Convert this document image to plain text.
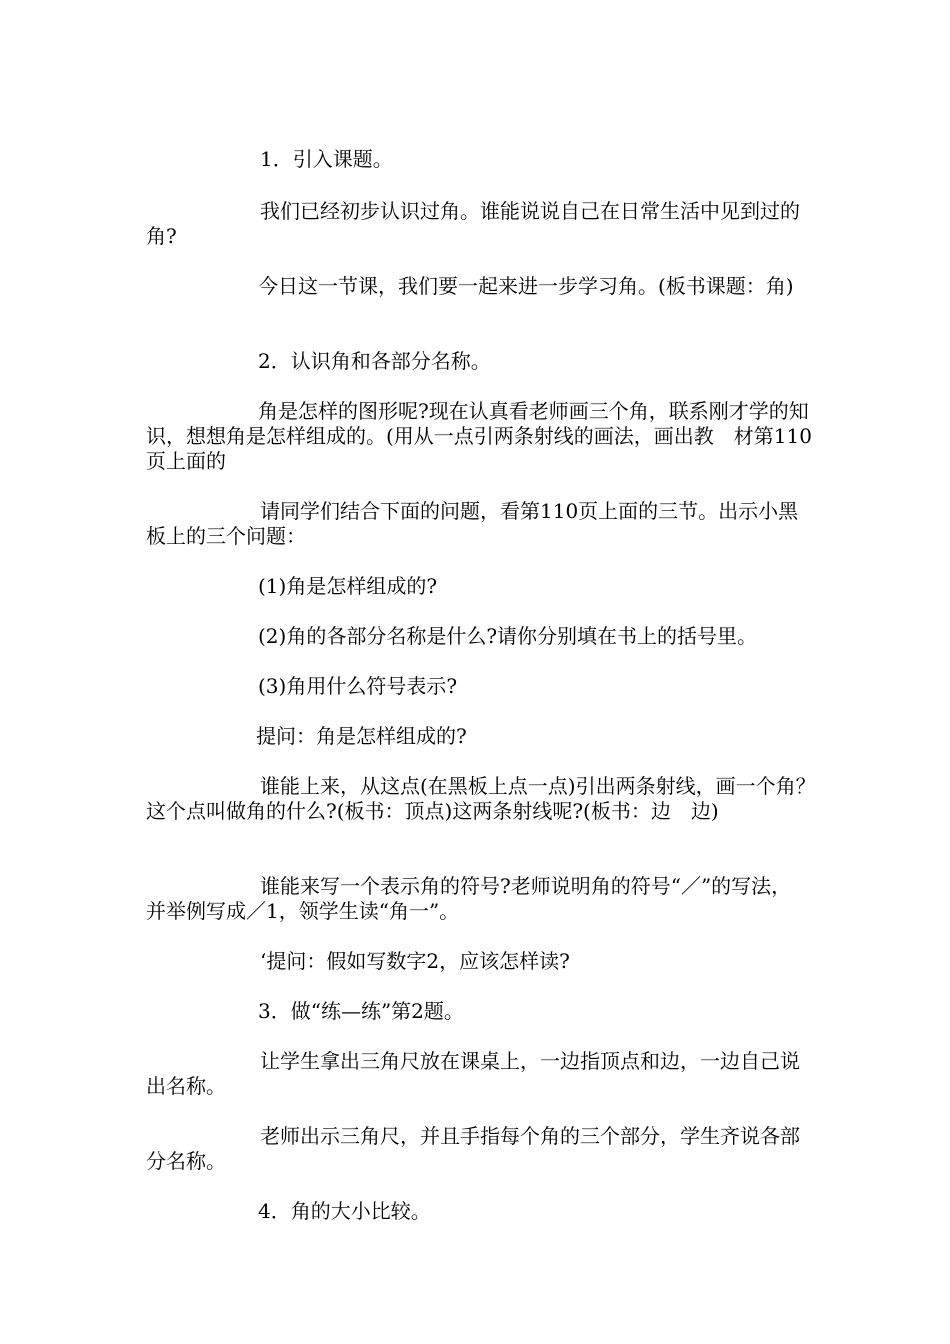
1．引入课题。
我们已经初步认识过角。谁能说说自己在日常生活中见到过的角?
今日这一节课，我们要一起来进一步学习角。(板书课题：角)
2．认识角和各部分名称。
角是怎样的图形呢?现在认真看老师画三个角，联系刚才学的知识，想想角是怎样组成的。(用从一点引两条射线的画法，画出教　材第110页上面的
请同学们结合下面的问题，看第110页上面的三节。出示小黑板上的三个问题：
(1)角是怎样组成的?
(2)角的各部分名称是什么?请你分别填在书上的括号里。
(3)角用什么符号表示?
提问：角是怎样组成的?
谁能上来，从这点(在黑板上点一点)引出两条射线，画一个角？这个点叫做角的什么?(板书：顶点)这两条射线呢?(板书：边　边)
谁能来写一个表示角的符号?老师说明角的符号“／”的写法，　并举例写成／1，领学生读“角一”。
‘提问：假如写数字2，应该怎样读?
3．做“练—练”第2题。
让学生拿出三角尺放在课桌上，一边指顶点和边，一边自己说出名称。
老师出示三角尺，并且手指每个角的三个部分，学生齐说各部分名称。
4．角的大小比较。
